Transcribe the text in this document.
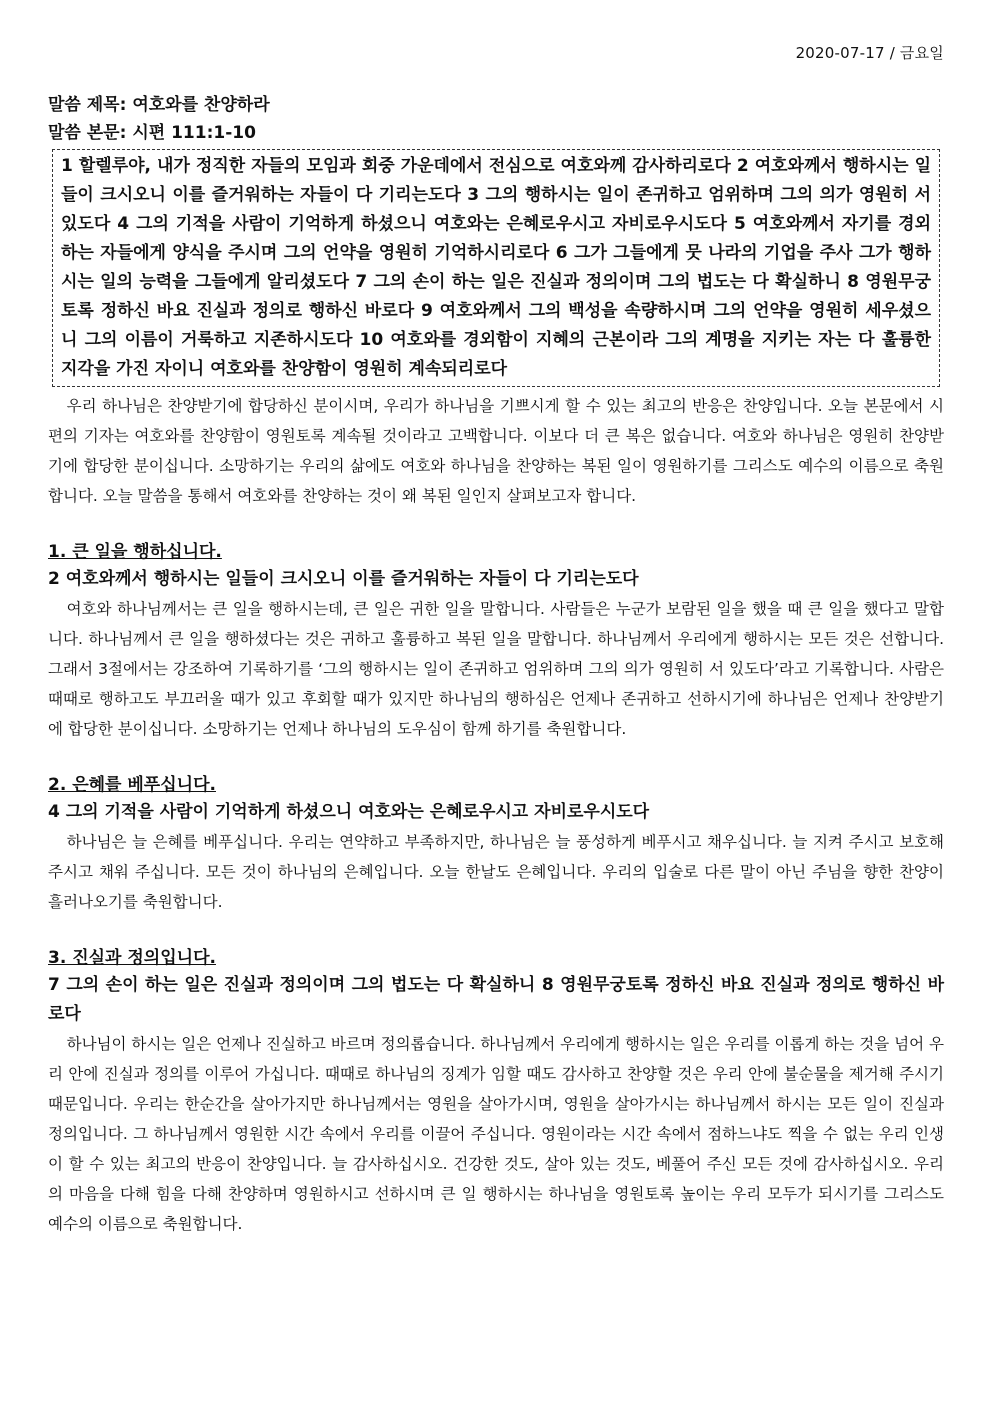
2020-07-17 / 금요일
말씀 제목: 여호와를 찬양하라
말씀 본문: 시편 111:1-10

1 할렐루야, 내가 정직한 자들의 모임과 회중 가운데에서 전심으로 여호와께 감사하리로다 2 여호와께서 행하시는 일들이 크시오니 이를 즐거워하는 자들이 다 기리는도다 3 그의 행하시는 일이 존귀하고 엄위하며 그의 의가 영원히 서 있도다 4 그의 기적을 사람이 기억하게 하셨으니 여호와는 은혜로우시고 자비로우시도다 5 여호와께서 자기를 경외하는 자들에게 양식을 주시며 그의 언약을 영원히 기억하시리로다 6 그가 그들에게 뭇 나라의 기업을 주사 그가 행하시는 일의 능력을 그들에게 알리셨도다 7 그의 손이 하는 일은 진실과 정의이며 그의 법도는 다 확실하니 8 영원무궁토록 정하신 바요 진실과 정의로 행하신 바로다 9 여호와께서 그의 백성을 속량하시며 그의 언약을 영원히 세우셨으니 그의 이름이 거룩하고 지존하시도다 10 여호와를 경외함이 지혜의 근본이라 그의 계명을 지키는 자는 다 훌륭한 지각을 가진 자이니 여호와를 찬양함이 영원히 계속되리로다

우리 하나님은 찬양받기에 합당하신 분이시며, 우리가 하나님을 기쁘시게 할 수 있는 최고의 반응은 찬양입니다. 오늘 본문에서 시편의 기자는 여호와를 찬양함이 영원토록 계속될 것이라고 고백합니다. 이보다 더 큰 복은 없습니다. 여호와 하나님은 영원히 찬양받기에 합당한 분이십니다. 소망하기는 우리의 삶에도 여호와 하나님을 찬양하는 복된 일이 영원하기를 그리스도 예수의 이름으로 축원합니다. 오늘 말씀을 통해서 여호와를 찬양하는 것이 왜 복된 일인지 살펴보고자 합니다.

1. 큰 일을 행하십니다.
2 여호와께서 행하시는 일들이 크시오니 이를 즐거워하는 자들이 다 기리는도다

여호와 하나님께서는 큰 일을 행하시는데, 큰 일은 귀한 일을 말합니다. 사람들은 누군가 보람된 일을 했을 때 큰 일을 했다고 말합니다. 하나님께서 큰 일을 행하셨다는 것은 귀하고 훌륭하고 복된 일을 말합니다. 하나님께서 우리에게 행하시는 모든 것은 선합니다. 그래서 3절에서는 강조하여 기록하기를 ‘그의 행하시는 일이 존귀하고 엄위하며 그의 의가 영원히 서 있도다’라고 기록합니다. 사람은 때때로 행하고도 부끄러울 때가 있고 후회할 때가 있지만 하나님의 행하심은 언제나 존귀하고 선하시기에 하나님은 언제나 찬양받기에 합당한 분이십니다. 소망하기는 언제나 하나님의 도우심이 함께 하기를 축원합니다.

2. 은혜를 베푸십니다.
4 그의 기적을 사람이 기억하게 하셨으니 여호와는 은혜로우시고 자비로우시도다

하나님은 늘 은혜를 베푸십니다. 우리는 연약하고 부족하지만, 하나님은 늘 풍성하게 베푸시고 채우십니다. 늘 지켜 주시고 보호해 주시고 채워 주십니다. 모든 것이 하나님의 은혜입니다. 오늘 한날도 은혜입니다. 우리의 입술로 다른 말이 아닌 주님을 향한 찬양이 흘러나오기를 축원합니다.

3. 진실과 정의입니다.
7 그의 손이 하는 일은 진실과 정의이며 그의 법도는 다 확실하니 8 영원무궁토록 정하신 바요 진실과 정의로 행하신 바로다

하나님이 하시는 일은 언제나 진실하고 바르며 정의롭습니다. 하나님께서 우리에게 행하시는 일은 우리를 이롭게 하는 것을 넘어 우리 안에 진실과 정의를 이루어 가십니다. 때때로 하나님의 징계가 임할 때도 감사하고 찬양할 것은 우리 안에 불순물을 제거해 주시기 때문입니다. 우리는 한순간을 살아가지만 하나님께서는 영원을 살아가시며, 영원을 살아가시는 하나님께서 하시는 모든 일이 진실과 정의입니다. 그 하나님께서 영원한 시간 속에서 우리를 이끌어 주십니다. 영원이라는 시간 속에서 점하느냐도 찍을 수 없는 우리 인생이 할 수 있는 최고의 반응이 찬양입니다. 늘 감사하십시오. 건강한 것도, 살아 있는 것도, 베풀어 주신 모든 것에 감사하십시오. 우리의 마음을 다해 힘을 다해 찬양하며 영원하시고 선하시며 큰 일 행하시는 하나님을 영원토록 높이는 우리 모두가 되시기를 그리스도 예수의 이름으로 축원합니다.
